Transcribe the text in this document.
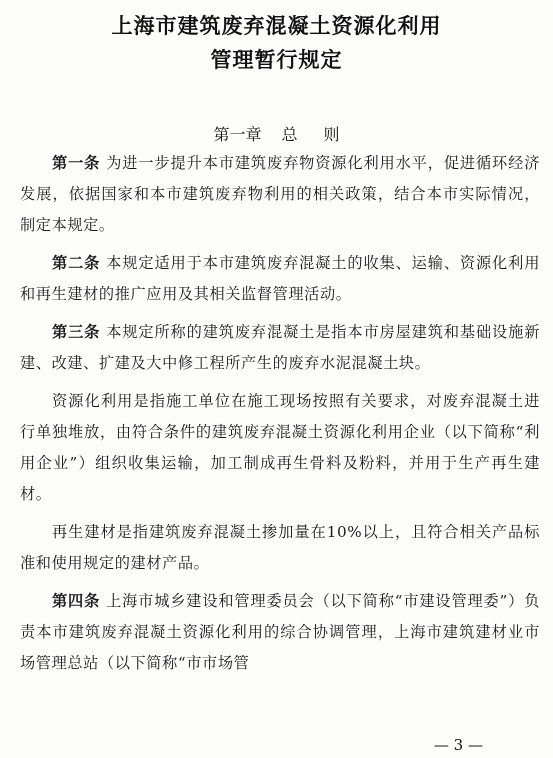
上海市建筑废弃混凝土资源化利用
管理暂行规定
第一章 总 则

第一条 为进一步提升本市建筑废弃物资源化利用水平，促进循环经济发展，依据国家和本市建筑废弃物利用的相关政策，结合本市实际情况，制定本规定。

第二条 本规定适用于本市建筑废弃混凝土的收集、运输、资源化利用和再生建材的推广应用及其相关监督管理活动。

第三条 本规定所称的建筑废弃混凝土是指本市房屋建筑和基础设施新建、改建、扩建及大中修工程所产生的废弃水泥混凝土块。

资源化利用是指施工单位在施工现场按照有关要求，对废弃混凝土进行单独堆放，由符合条件的建筑废弃混凝土资源化利用企业（以下简称“利用企业”）组织收集运输，加工制成再生骨料及粉料，并用于生产再生建材。

再生建材是指建筑废弃混凝土掺加量在10%以上，且符合相关产品标准和使用规定的建材产品。

第四条 上海市城乡建设和管理委员会（以下简称“市建设管理委”）负责本市建筑废弃混凝土资源化利用的综合协调管理，上海市建筑建材业市场管理总站（以下简称“市市场管

— 3 —
